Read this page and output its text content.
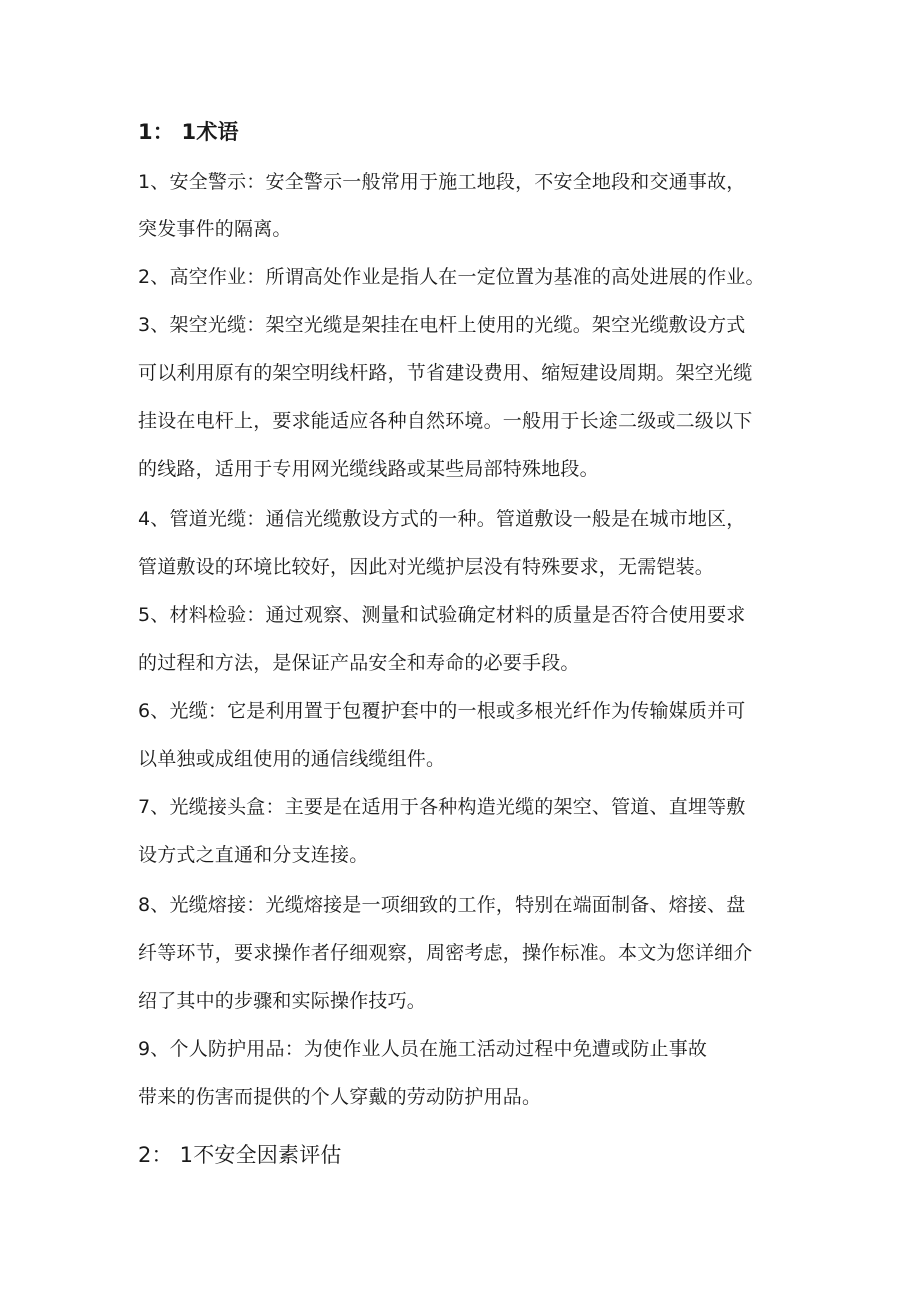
1： 1术语
1、安全警示：安全警示一般常用于施工地段，不安全地段和交通事故，
突发事件的隔离。
2、高空作业：所谓高处作业是指人在一定位置为基准的高处进展的作业。
3、架空光缆：架空光缆是架挂在电杆上使用的光缆。架空光缆敷设方式
可以利用原有的架空明线杆路，节省建设费用、缩短建设周期。架空光缆
挂设在电杆上，要求能适应各种自然环境。一般用于长途二级或二级以下
的线路，适用于专用网光缆线路或某些局部特殊地段。
4、管道光缆：通信光缆敷设方式的一种。管道敷设一般是在城市地区，
管道敷设的环境比较好，因此对光缆护层没有特殊要求，无需铠装。
5、材料检验：通过观察、测量和试验确定材料的质量是否符合使用要求
的过程和方法，是保证产品安全和寿命的必要手段。
6、光缆：它是利用置于包覆护套中的一根或多根光纤作为传输媒质并可
以单独或成组使用的通信线缆组件。
7、光缆接头盒：主要是在适用于各种构造光缆的架空、管道、直埋等敷
设方式之直通和分支连接。
8、光缆熔接：光缆熔接是一项细致的工作，特别在端面制备、熔接、盘
纤等环节，要求操作者仔细观察，周密考虑，操作标准。本文为您详细介
绍了其中的步骤和实际操作技巧。
9、个人防护用品：为使作业人员在施工活动过程中免遭或防止事故
带来的伤害而提供的个人穿戴的劳动防护用品。
2： 1不安全因素评估
